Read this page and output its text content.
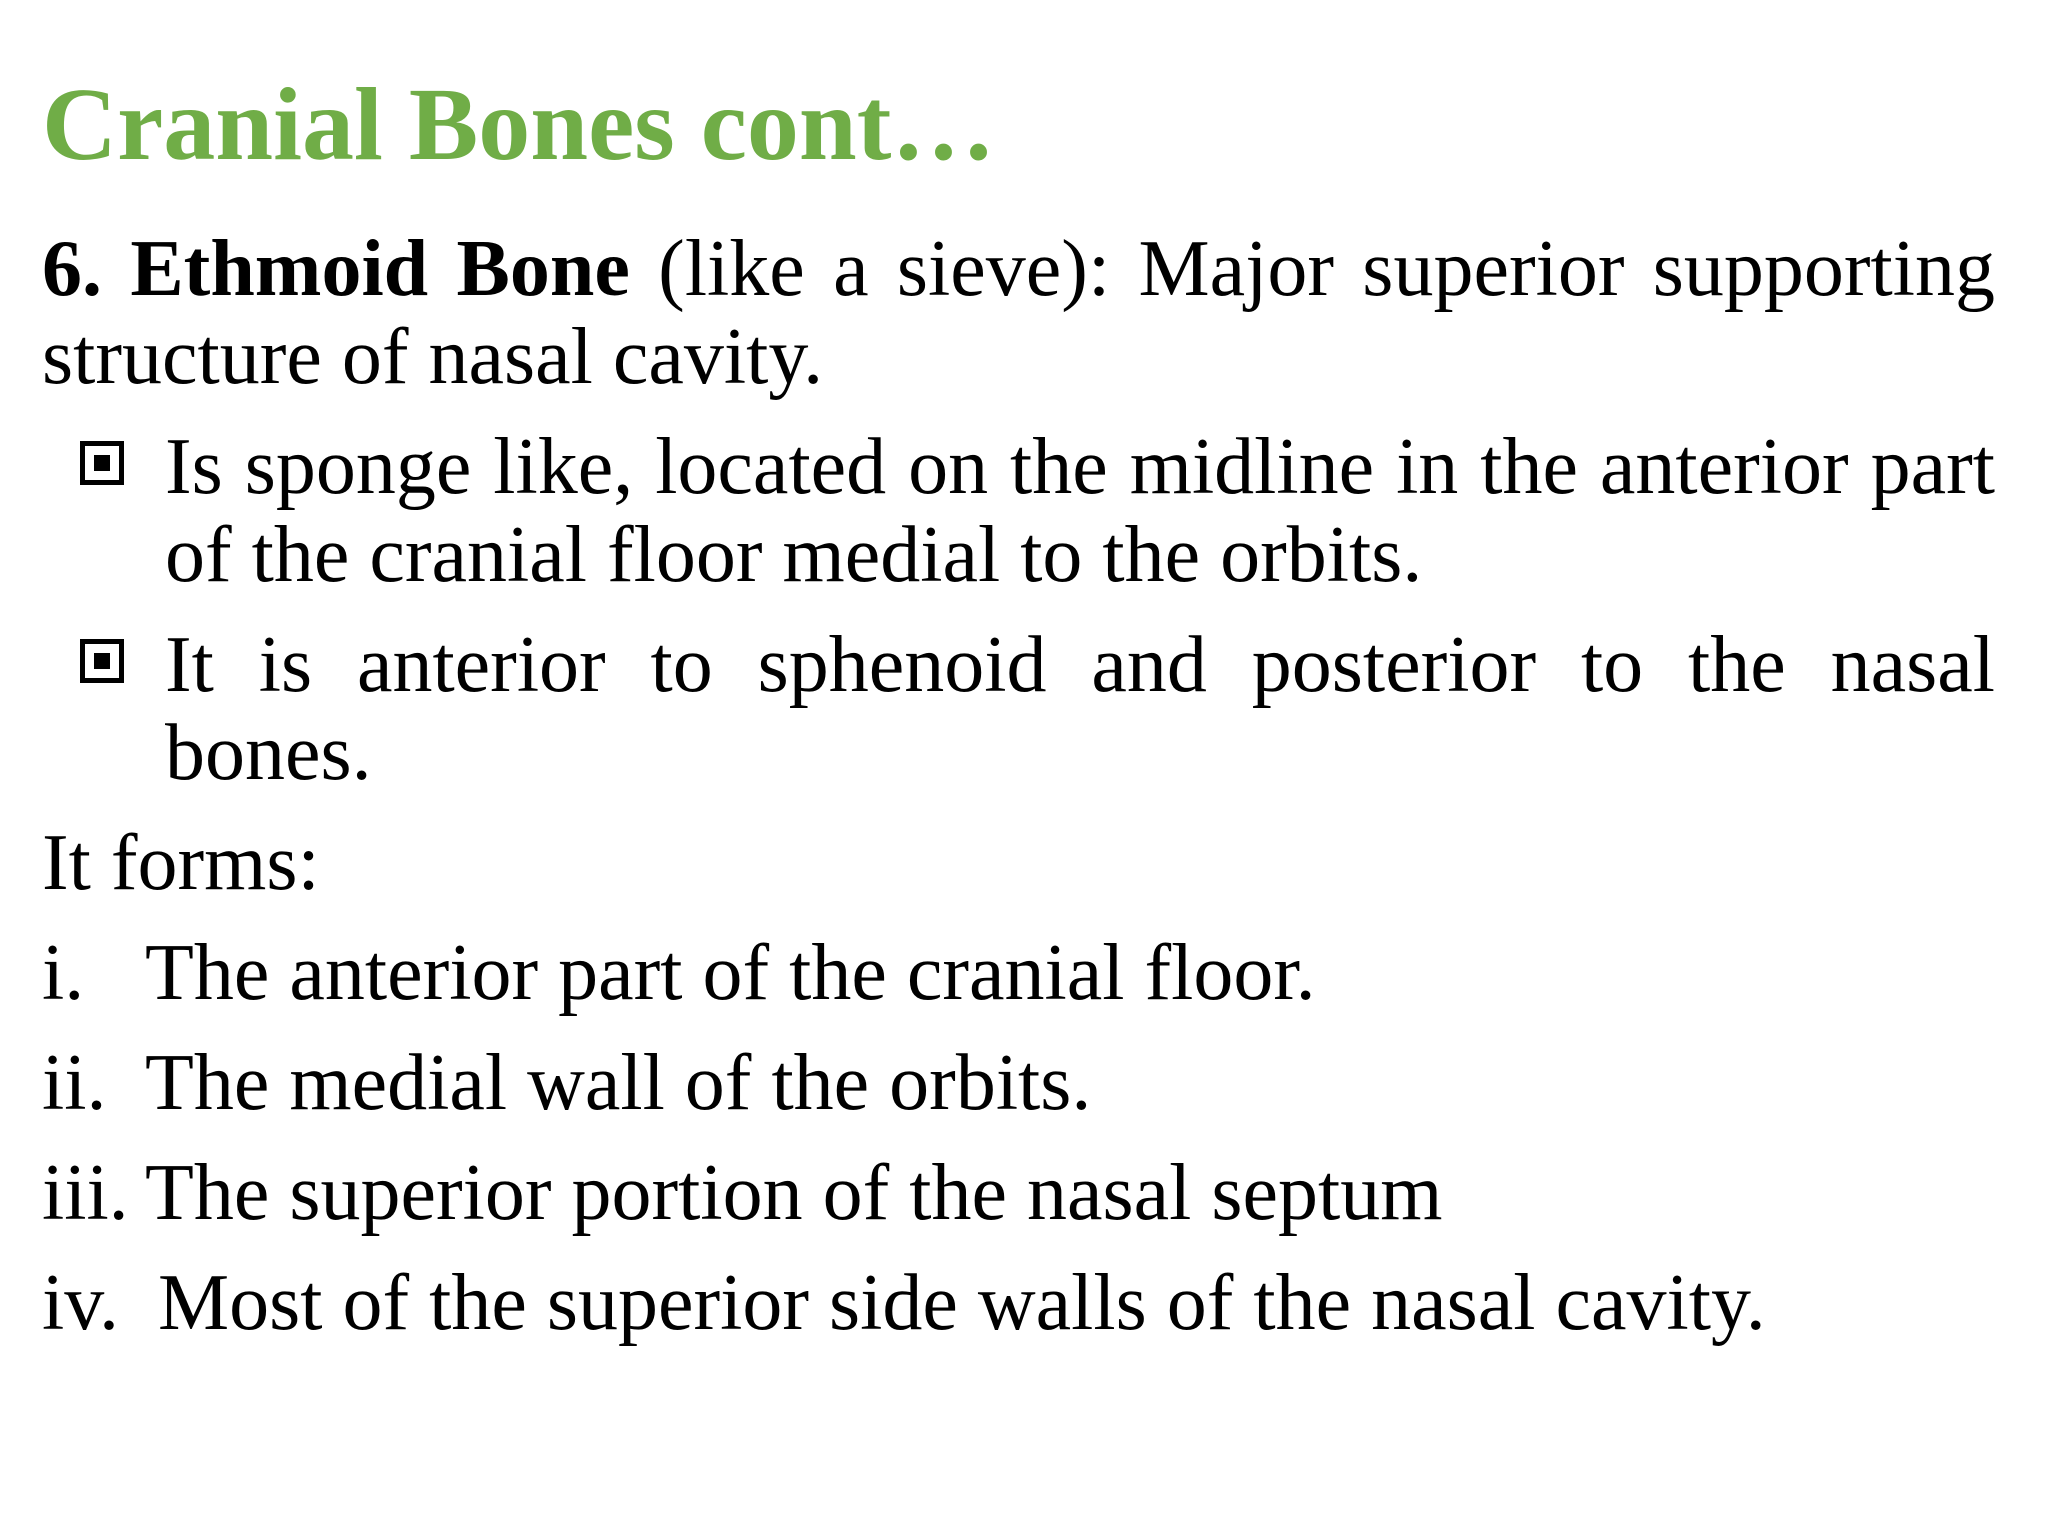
Cranial Bones cont…

6. Ethmoid Bone (like a sieve): Major superior supporting structure of nasal cavity.

Is sponge like, located on the midline in the anterior part of the cranial floor medial to the orbits.
It is anterior to sphenoid and posterior to the nasal bones.

It forms:

i. The anterior part of the cranial floor.
ii. The medial wall of the orbits.
iii. The superior portion of the nasal septum
iv. Most of the superior side walls of the nasal cavity.
